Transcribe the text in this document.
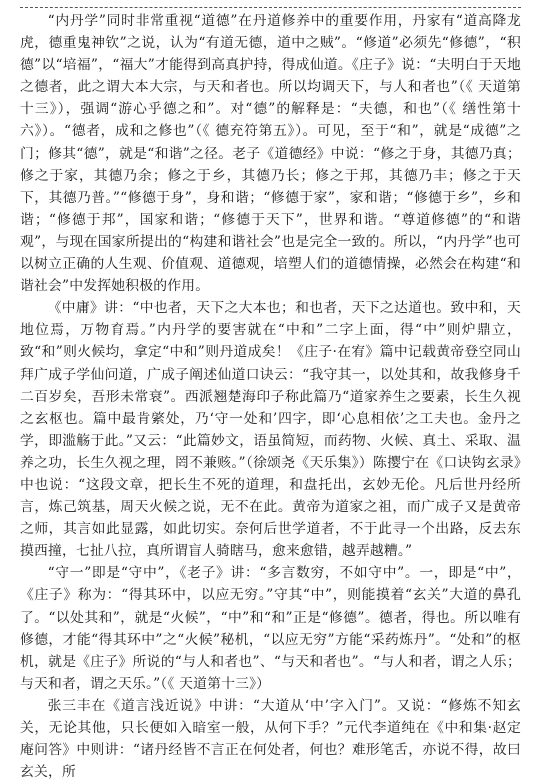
“内丹学”同时非常重视“道德”在丹道修养中的重要作用，丹家有“道高降龙虎，德重鬼神钦”之说，认为“有道无德，道中之贼”。“修道”必须先“修德”，“积德”以“培福”，“福大”才能得到高真护持，得成仙道。《庄子》说：“夫明白于天地之德者，此之谓大本大宗，与天和者也。所以均调天下，与人和者也”（《 天道第十三》），强调“游心乎德之和”。对“德”的解释是：“夫德，和也”（《 缮性第十六》）。“德者，成和之修也”（《 德充符第五》）。可见，至于“和”，就是“成德”之门；修其“德”，就是“和谐”之径。老子《道德经》中说：“修之于身，其德乃真；修之于家，其德乃余；修之于乡，其德乃长；修之于邦，其德乃丰；修之于天下，其德乃普。”“修德于身”，身和谐；“修德于家”，家和谐；“修德于乡”，乡和谐；“修德于邦”，国家和谐；“修德于天下”，世界和谐。“尊道修德”的“和谐观”，与现在国家所提出的“构建和谐社会”也是完全一致的。所以，“内丹学”也可以树立正确的人生观、价值观、道德观，培塑人们的道德情操，必然会在构建“和谐社会”中发挥她积极的作用。

《中庸》讲：“中也者，天下之大本也；和也者，天下之达道也。致中和，天地位焉，万物育焉。”内丹学的要害就在“中和”二字上面，得“中”则炉鼎立，致“和”则火候均，拿定“中和”则丹道成矣！《庄子·在宥》篇中记载黄帝登空同山拜广成子学仙问道，广成子阐述仙道口诀云：“我守其一，以处其和，故我修身千二百岁矣，吾形未常衰”。西派翘楚海印子称此篇乃“道家养生之要素，长生久视之玄枢也。篇中最肯綮处，乃‘守一处和’四字，即‘心息相依’之工夫也。金丹之学，即滥觞于此。”又云：“此篇妙文，语虽简短，而药物、火候、真土、采取、温养之功，长生久视之理，罔不兼赅。”（徐颂尧《天乐集》）陈撄宁在《口诀钩玄录》中也说：“这段文章，把长生不死的道理，和盘托出，玄妙无伦。凡后世丹经所言，炼己筑基，周天火候之说，无不在此。黄帝为道家之祖，而广成子又是黄帝之师，其言如此显露，如此切实。奈何后世学道者，不于此寻一个出路，反去东摸西撞，七扯八拉，真所谓盲人骑瞎马，愈来愈错，越弄越糟。”

“守一”即是“守中”，《老子》讲：“多言数穷，不如守中”。一，即是“中”，《庄子》称为：“得其环中，以应无穷。”守其“中”，则能摸着“玄关”大道的鼻孔了。“以处其和”，就是“火候”，“中”和“和”正是“修德”。德者，得也。所以唯有修德，才能“得其环中”之“火候”秘机，“以应无穷”方能“采药炼丹”。“处和”的枢机，就是《庄子》所说的“与人和者也”、“与天和者也”。“与人和者，谓之人乐；与天和者，谓之天乐。”（《 天道第十三》）

张三丰在《道言浅近说》中讲：“大道从‘中’字入门”。又说：“修炼不知玄关，无论其他，只长便如入暗室一般，从何下手？”元代李道纯在《中和集·赵定庵问答》中则讲：“诸丹经皆不言正在何处者，何也？难形笔舌，亦说不得，故曰玄关，所
